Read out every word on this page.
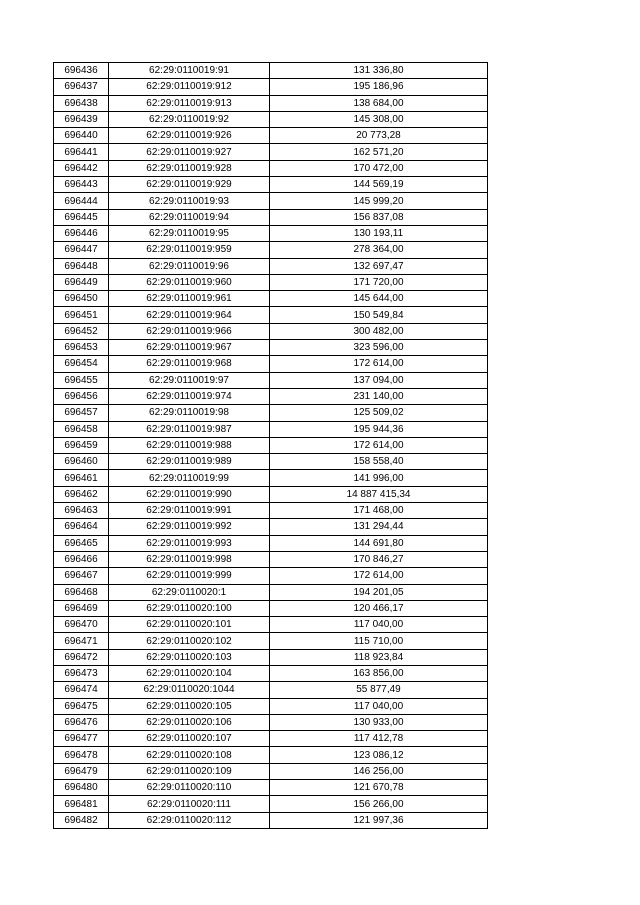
696436	62:29:0110019:91	131 336,80
696437	62:29:0110019:912	195 186,96
696438	62:29:0110019:913	138 684,00
696439	62:29:0110019:92	145 308,00
696440	62:29:0110019:926	20 773,28
696441	62:29:0110019:927	162 571,20
696442	62:29:0110019:928	170 472,00
696443	62:29:0110019:929	144 569,19
696444	62:29:0110019:93	145 999,20
696445	62:29:0110019:94	156 837,08
696446	62:29:0110019:95	130 193,11
696447	62:29:0110019:959	278 364,00
696448	62:29:0110019:96	132 697,47
696449	62:29:0110019:960	171 720,00
696450	62:29:0110019:961	145 644,00
696451	62:29:0110019:964	150 549,84
696452	62:29:0110019:966	300 482,00
696453	62:29:0110019:967	323 596,00
696454	62:29:0110019:968	172 614,00
696455	62:29:0110019:97	137 094,00
696456	62:29:0110019:974	231 140,00
696457	62:29:0110019:98	125 509,02
696458	62:29:0110019:987	195 944,36
696459	62:29:0110019:988	172 614,00
696460	62:29:0110019:989	158 558,40
696461	62:29:0110019:99	141 996,00
696462	62:29:0110019:990	14 887 415,34
696463	62:29:0110019:991	171 468,00
696464	62:29:0110019:992	131 294,44
696465	62:29:0110019:993	144 691,80
696466	62:29:0110019:998	170 846,27
696467	62:29:0110019:999	172 614,00
696468	62:29:0110020:1	194 201,05
696469	62:29:0110020:100	120 466,17
696470	62:29:0110020:101	117 040,00
696471	62:29:0110020:102	115 710,00
696472	62:29:0110020:103	118 923,84
696473	62:29:0110020:104	163 856,00
696474	62:29:0110020:1044	55 877,49
696475	62:29:0110020:105	117 040,00
696476	62:29:0110020:106	130 933,00
696477	62:29:0110020:107	117 412,78
696478	62:29:0110020:108	123 086,12
696479	62:29:0110020:109	146 256,00
696480	62:29:0110020:110	121 670,78
696481	62:29:0110020:111	156 266,00
696482	62:29:0110020:112	121 997,36
